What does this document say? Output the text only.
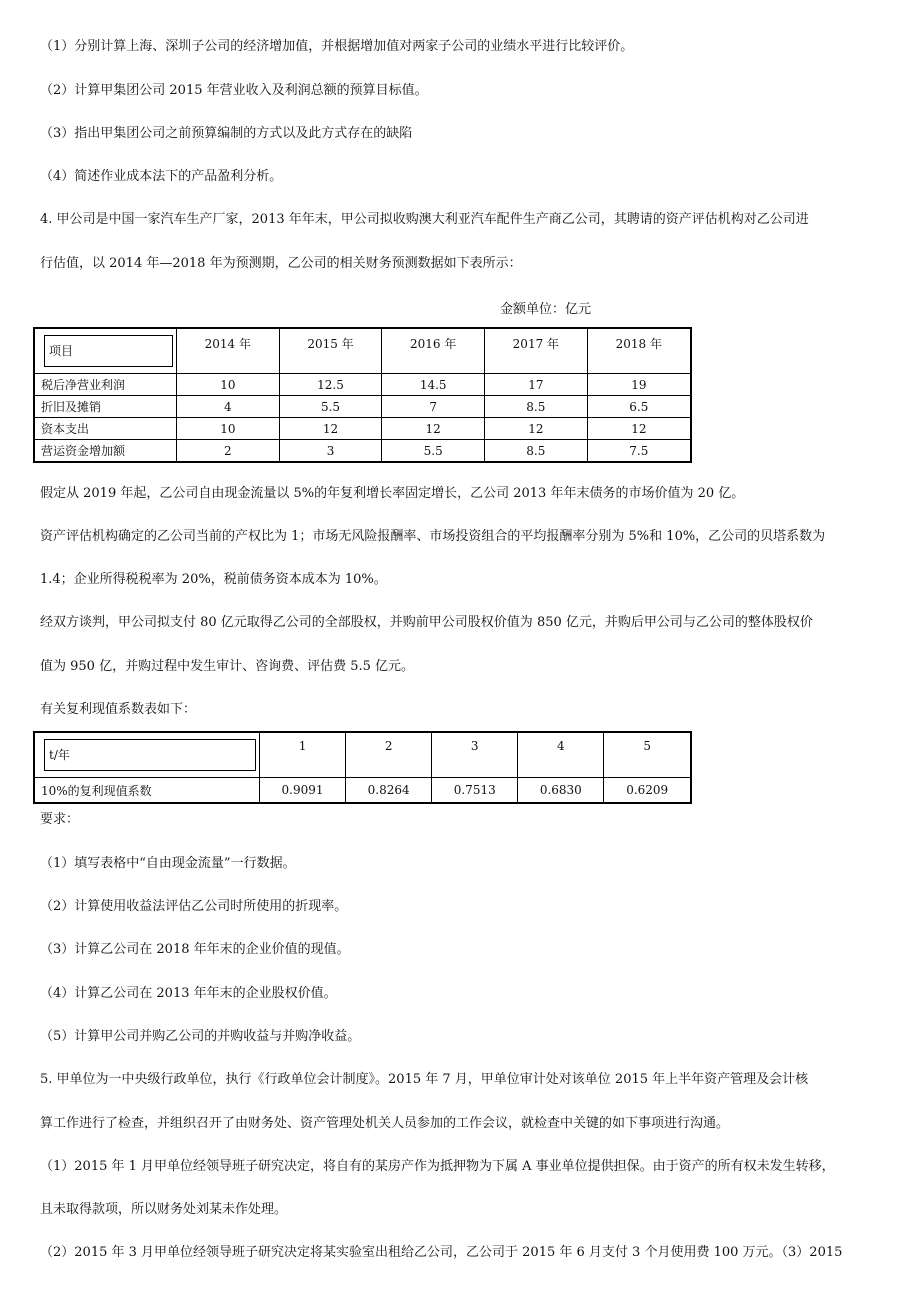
（1）分别计算上海、深圳子公司的经济增加值，并根据增加值对两家子公司的业绩水平进行比较评价。
（2）计算甲集团公司 2015 年营业收入及利润总额的预算目标值。
（3）指出甲集团公司之前预算编制的方式以及此方式存在的缺陷
（4）简述作业成本法下的产品盈利分析。
4. 甲公司是中国一家汽车生产厂家，2013 年年末，甲公司拟收购澳大利亚汽车配件生产商乙公司，其聘请的资产评估机构对乙公司进
行估值，以 2014 年—2018 年为预测期，乙公司的相关财务预测数据如下表所示：
金额单位：亿元
项目	2014 年	2015 年	2016 年	2017 年	2018 年
税后净营业利润	10	12.5	14.5	17	19
折旧及摊销	4	5.5	7	8.5	6.5
资本支出	10	12	12	12	12
营运资金增加额	2	3	5.5	8.5	7.5
假定从 2019 年起，乙公司自由现金流量以 5%的年复利增长率固定增长，乙公司 2013 年年末债务的市场价值为 20 亿。
资产评估机构确定的乙公司当前的产权比为 1；市场无风险报酬率、市场投资组合的平均报酬率分别为 5%和 10%，乙公司的贝塔系数为
1.4；企业所得税税率为 20%，税前债务资本成本为 10%。
经双方谈判，甲公司拟支付 80 亿元取得乙公司的全部股权，并购前甲公司股权价值为 850 亿元，并购后甲公司与乙公司的整体股权价
值为 950 亿，并购过程中发生审计、咨询费、评估费 5.5 亿元。
有关复利现值系数表如下：
t/年	1	2	3	4	5
10%的复利现值系数	0.9091	0.8264	0.7513	0.6830	0.6209
要求：
（1）填写表格中“自由现金流量”一行数据。
（2）计算使用收益法评估乙公司时所使用的折现率。
（3）计算乙公司在 2018 年年末的企业价值的现值。
（4）计算乙公司在 2013 年年末的企业股权价值。
（5）计算甲公司并购乙公司的并购收益与并购净收益。
5. 甲单位为一中央级行政单位，执行《行政单位会计制度》。2015 年 7 月，甲单位审计处对该单位 2015 年上半年资产管理及会计核
算工作进行了检查，并组织召开了由财务处、资产管理处机关人员参加的工作会议，就检查中关键的如下事项进行沟通。
（1）2015 年 1 月甲单位经领导班子研究决定，将自有的某房产作为抵押物为下属 A 事业单位提供担保。由于资产的所有权未发生转移，
且未取得款项，所以财务处刘某未作处理。
（2）2015 年 3 月甲单位经领导班子研究决定将某实验室出租给乙公司，乙公司于 2015 年 6 月支付 3 个月使用费 100 万元。（3）2015
